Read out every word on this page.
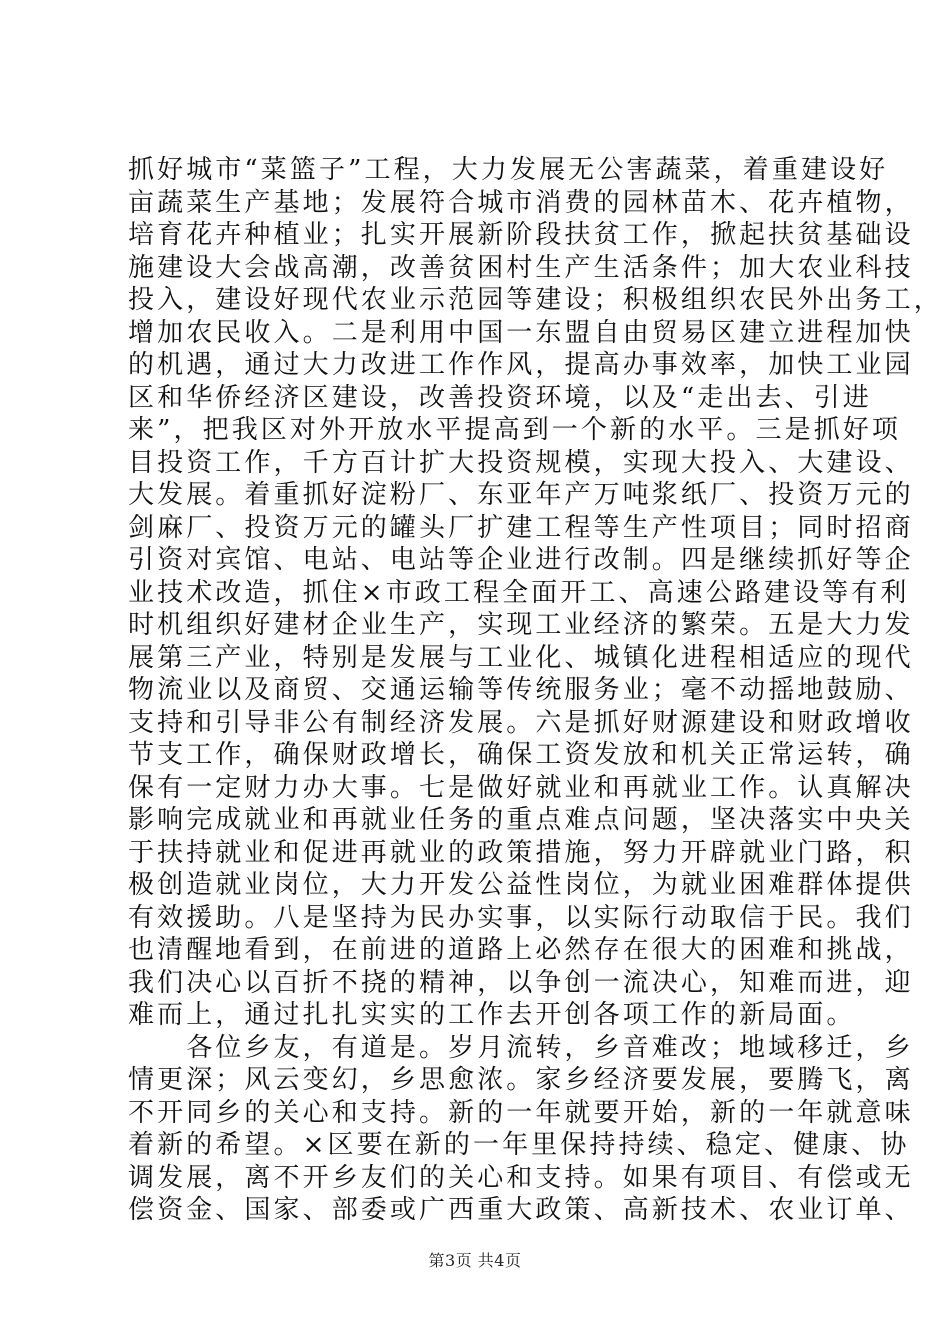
抓好城市“菜篮子”工程，大力发展无公害蔬菜，着重建设好
亩蔬菜生产基地；发展符合城市消费的园林苗木、花卉植物，
培育花卉种植业；扎实开展新阶段扶贫工作，掀起扶贫基础设
施建设大会战高潮，改善贫困村生产生活条件；加大农业科技
投入，建设好现代农业示范园等建设；积极组织农民外出务工，
增加农民收入。二是利用中国一东盟自由贸易区建立进程加快
的机遇，通过大力改进工作作风，提高办事效率，加快工业园
区和华侨经济区建设，改善投资环境，以及“走出去、引进
来”，把我区对外开放水平提高到一个新的水平。三是抓好项
目投资工作，千方百计扩大投资规模，实现大投入、大建设、
大发展。着重抓好淀粉厂、东亚年产万吨浆纸厂、投资万元的
剑麻厂、投资万元的罐头厂扩建工程等生产性项目；同时招商
引资对宾馆、电站、电站等企业进行改制。四是继续抓好等企
业技术改造，抓住×市政工程全面开工、高速公路建设等有利
时机组织好建材企业生产，实现工业经济的繁荣。五是大力发
展第三产业，特别是发展与工业化、城镇化进程相适应的现代
物流业以及商贸、交通运输等传统服务业；毫不动摇地鼓励、
支持和引导非公有制经济发展。六是抓好财源建设和财政增收
节支工作，确保财政增长，确保工资发放和机关正常运转，确
保有一定财力办大事。七是做好就业和再就业工作。认真解决
影响完成就业和再就业任务的重点难点问题，坚决落实中央关
于扶持就业和促进再就业的政策措施，努力开辟就业门路，积
极创造就业岗位，大力开发公益性岗位，为就业困难群体提供
有效援助。八是坚持为民办实事，以实际行动取信于民。我们
也清醒地看到，在前进的道路上必然存在很大的困难和挑战，
我们决心以百折不挠的精神，以争创一流决心，知难而进，迎
难而上，通过扎扎实实的工作去开创各项工作的新局面。
　　各位乡友，有道是。岁月流转，乡音难改；地域移迁，乡
情更深；风云变幻，乡思愈浓。家乡经济要发展，要腾飞，离
不开同乡的关心和支持。新的一年就要开始，新的一年就意味
着新的希望。×区要在新的一年里保持持续、稳定、健康、协
调发展，离不开乡友们的关心和支持。如果有项目、有偿或无
偿资金、国家、部委或广西重大政策、高新技术、农业订单、
第3页 共4页
